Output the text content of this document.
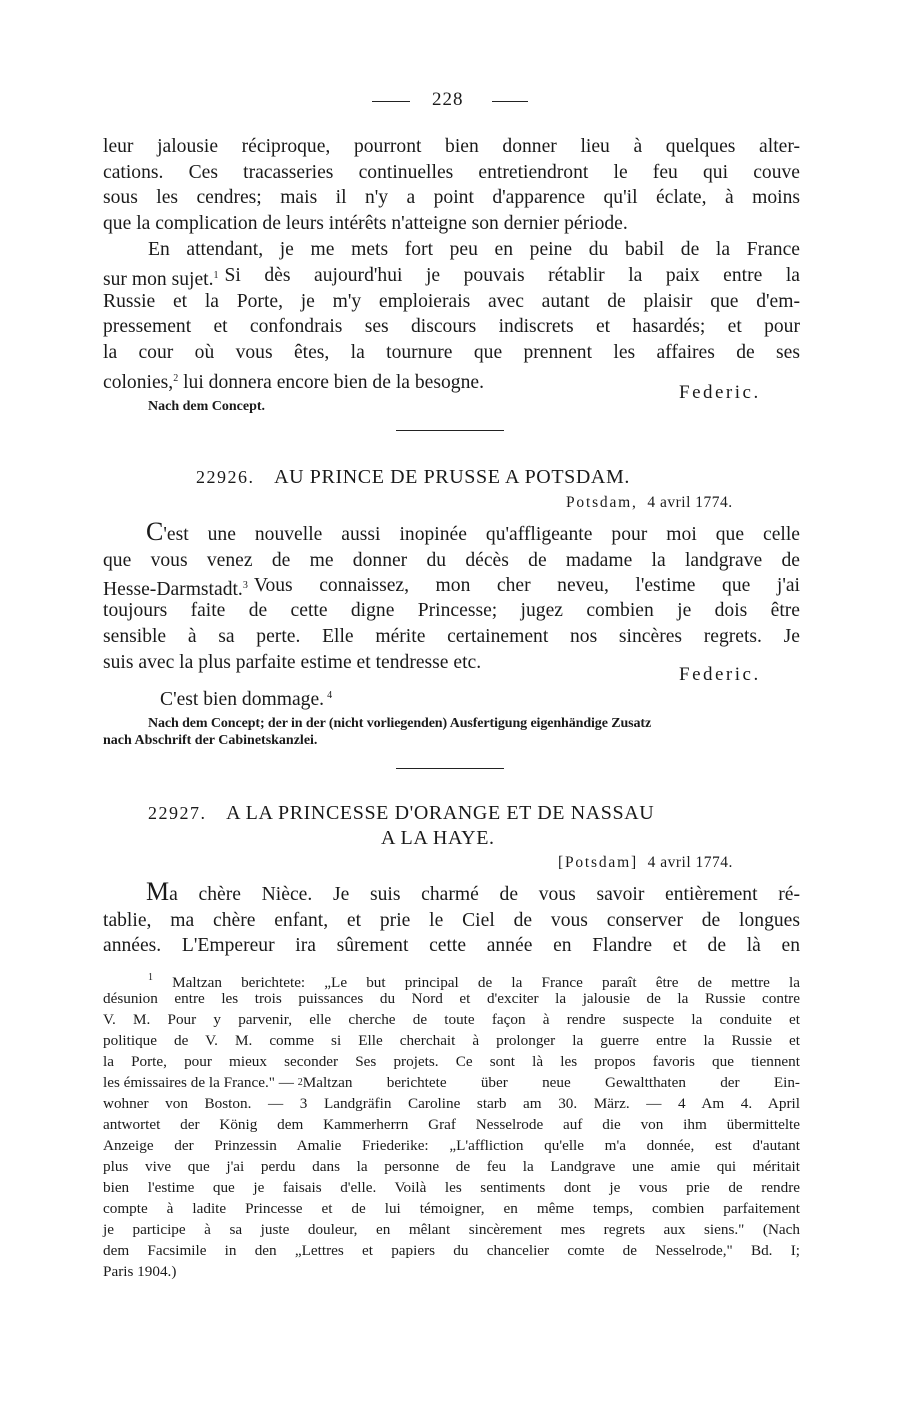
228
leur jalousie réciproque, pourront bien donner lieu à quelques alter-
cations. Ces tracasseries continuelles entretiendront le feu qui couve
sous les cendres; mais il n'y a point d'apparence qu'il éclate, à moins
que la complication de leurs intérêts n'atteigne son dernier période.
En attendant, je me mets fort peu en peine du babil de la France
sur mon sujet.$^1$ Si dès aujourd'hui je pouvais rétablir la paix entre la
Russie et la Porte, je m'y emploierais avec autant de plaisir que d'em-
pressement et confondrais ses discours indiscrets et hasardés; et pour
la cour où vous êtes, la tournure que prennent les affaires de ses
colonies,$^2$ lui donnera encore bien de la besogne.	Federic.
Nach dem Concept.
22926. AU PRINCE DE PRUSSE A POTSDAM.
Potsdam, 4 avril 1774.
C'est une nouvelle aussi inopinée qu'affligeante pour moi que celle
que vous venez de me donner du décès de madame la landgrave de
Hesse-Darmstadt.$^3$ Vous connaissez, mon cher neveu, l'estime que j'ai
toujours faite de cette digne Princesse; jugez combien je dois être
sensible à sa perte. Elle mérite certainement nos sincères regrets. Je
suis avec la plus parfaite estime et tendresse etc.
Federic.
C'est bien dommage. $^4$
Nach dem Concept; der in der (nicht vorliegenden) Ausfertigung eigenhändige Zusatz
nach Abschrift der Cabinetskanzlei.
22927. A LA PRINCESSE D'ORANGE ET DE NASSAU
A LA HAYE.
[Potsdam] 4 avril 1774.
Ma chère Nièce. Je suis charmé de vous savoir entièrement ré-
tablie, ma chère enfant, et prie le Ciel de vous conserver de longues
années. L'Empereur ira sûrement cette année en Flandre et de là en
$^1$ Maltzan berichtete: „Le but principal de la France paraît être de mettre la
désunion entre les trois puissances du Nord et d'exciter la jalousie de la Russie contre
V. M. Pour y parvenir, elle cherche de toute façon à rendre suspecte la conduite et
politique de V. M. comme si Elle cherchait à prolonger la guerre entre la Russie et
la Porte, pour mieux seconder Ses projets. Ce sont là les propos favoris que tiennent
les émissaires de la France." — 2 Maltzan berichtete über neue Gewaltthaten der Ein-
wohner von Boston. — 3 Landgräfin Caroline starb am 30. März. — 4 Am 4. April
antwortet der König dem Kammerherrn Graf Nesselrode auf die von ihm übermittelte
Anzeige der Prinzessin Amalie Friederike: „L'affliction qu'elle m'a donnée, est d'autant
plus vive que j'ai perdu dans la personne de feu la Landgrave une amie qui méritait
bien l'estime que je faisais d'elle. Voilà les sentiments dont je vous prie de rendre
compte à ladite Princesse et de lui témoigner, en même temps, combien parfaitement
je participe à sa juste douleur, en mêlant sincèrement mes regrets aux siens." (Nach
dem Facsimile in den „Lettres et papiers du chancelier comte de Nesselrode," Bd. I;
Paris 1904.)
